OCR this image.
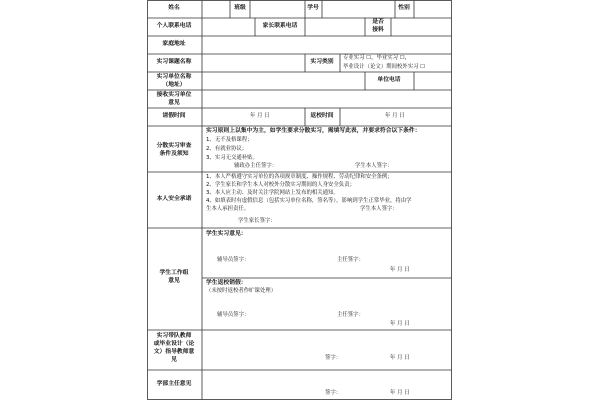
姓名	班级	学号	性别
个人联系电话	家长联系电话
是否
接料
家庭地址
实习课题名称	实习类别
专业实习 ☐，毕业实习 ☐，
毕业设计（论文）期间校外实习 ☐
实习单位名称
（地址）
单位电话
接收实习单位
意见
请假时间	年 月 日	返校时间	年 月 日
分散实习审查
条件及须知
实习原则上以集中为主，如学生要求分散实习，需填写此表，并要求符合以下条件：
1、无不及格课程；
2、有就业协议；
3、实习无交通补贴。
辅政办主任签字：	学生本人签字：
本人安全承诺
1、本人严格遵守实习单位的各项规章制度、操作规程、劳动纪律和安全条例；
2、学生家长和学生本人对校外分散实习期间的人身安全负责；
3、本人应主动、及时关注学院网站上发布的相关通知。
4、如填表时有虚假信息（包括实习单位名称，签名等），影响到学生正常毕业，将由学
生本人承担责任。	学生本人签字：
学生家长签字：
学生工作组
意见
学生实习意见：
辅导员签字：	主任签字：
年 月 日
学生返校销假：
（未按时返校者作旷课处理）
辅导员签字：	主任签字：
年 月 日
实习带队教师
或毕业设计（论
文）指导教师意
见	签字：	年 月 日
学部主任意见
签字：	年 月 日
